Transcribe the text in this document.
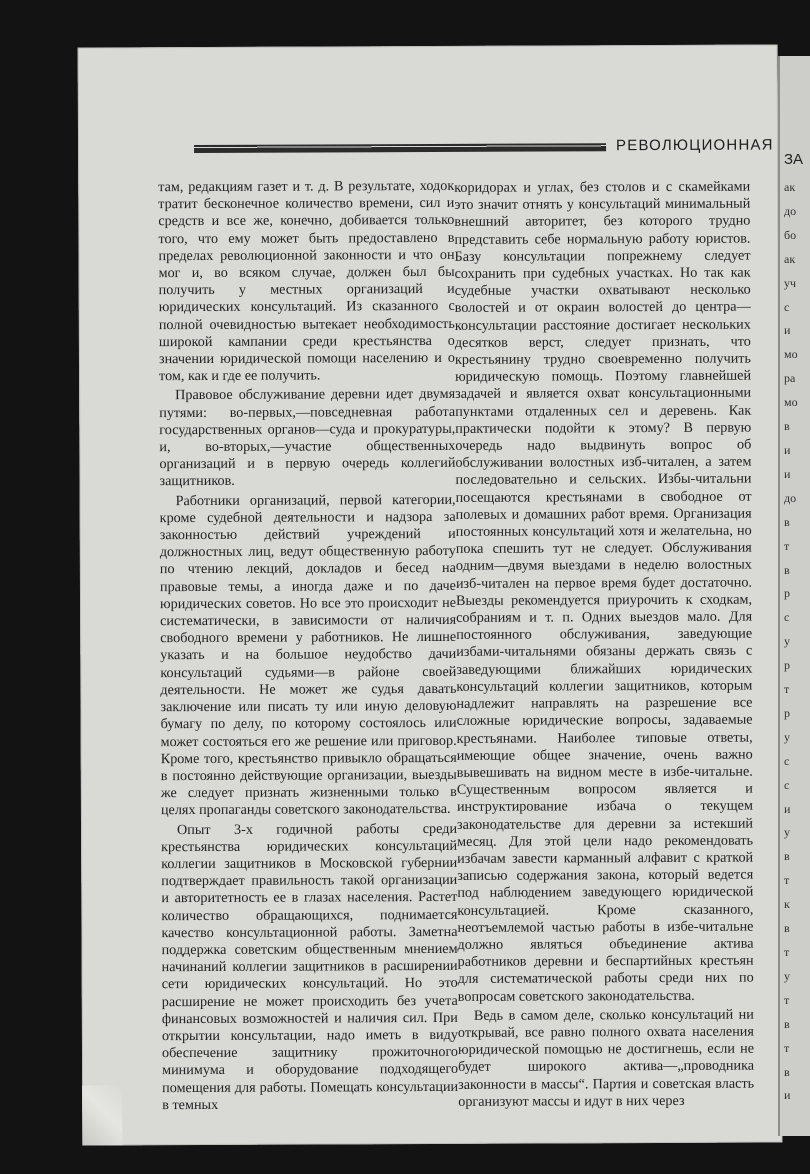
РЕВОЛЮЦИОННАЯ

там, редакциям газет и т. д. В результате, ходок тратит бесконечное количество времени, сил и средств и все же, конечно, добивается только того, что ему может быть предоставлено в пределах революционной законности и что он мог и, во всяком случае, должен был бы получить у местных организаций и юридических консультаций. Из сказанного с полной очевидностью вытекает необходимость широкой кампании среди крестьянства о значении юридической помощи населению и о том, как и где ее получить.

Правовое обслуживание деревни идет двумя путями: во-первых,—повседневная работа государственных органов—суда и прокуратуры, и, во-вторых,—участие общественных организаций и в первую очередь коллегий защитников.

Работники организаций, первой категории, кроме судебной деятельности и надзора за законностью действий учреждений и должностных лиц, ведут общественную работу по чтению лекций, докладов и бесед на правовые темы, а иногда даже и по даче юридических советов. Но все это происходит не систематически, в зависимости от наличия свободного времени у работников. Не лишне указать и на большое неудобство дачи консультаций судьями—в районе своей деятельности. Не может же судья давать заключение или писать ту или иную деловую бумагу по делу, по которому состоялось или может состояться его же решение или приговор. Кроме того, крестьянство привыкло обращаться в постоянно действующие организации, выезды же следует признать жизненными только в целях пропаганды советского законодательства.

Опыт 3-х годичной работы среди крестьянства юридических консультаций коллегии защитников в Московской губернии подтверждает правильность такой организации и авторитетность ее в глазах населения. Растет количество обращающихся, поднимается качество консультационной работы. Заметна поддержка советским общественным мнением начинаний коллегии защитников в расширении сети юридических консультаций. Но это расширение не может происходить без учета финансовых возможностей и наличия сил. При открытии консультации, надо иметь в виду обеспечение защитнику прожиточного минимума и оборудование подходящего помещения для работы. Помещать консультации в темных

коридорах и углах, без столов и с скамейками это значит отнять у консультаций минимальный внешний авторитет, без которого трудно представить себе нормальную работу юристов. Базу консультации попрежнему следует сохранить при судебных участках. Но так как судебные участки охватывают несколько волостей и от окраин волостей до центра—консультации расстояние достигает нескольких десятков верст, следует признать, что крестьянину трудно своевременно получить юридическую помощь. Поэтому главнейшей задачей и является охват консультационными пунктами отдаленных сел и деревень. Как практически подойти к этому? В первую очередь надо выдвинуть вопрос об обслуживании волостных изб-читален, а затем последовательно и сельских. Избы-читальни посещаются крестьянами в свободное от полевых и домашних работ время. Организация постоянных консультаций хотя и желательна, но пока спешить тут не следует. Обслуживания одним—двумя выездами в неделю волостных изб-читален на первое время будет достаточно. Выезды рекомендуется приурочить к сходкам, собраниям и т. п. Одних выездов мало. Для постоянного обслуживания, заведующие избами-читальнями обязаны держать связь с заведующими ближайших юридических консультаций коллегии защитников, которым надлежит направлять на разрешение все сложные юридические вопросы, задаваемые крестьянами. Наиболее типовые ответы, имеющие общее значение, очень важно вывешивать на видном месте в избе-читальне. Существенным вопросом является и инструктирование избача о текущем законодательстве для деревни за истекший месяц. Для этой цели надо рекомендовать избачам завести карманный алфавит с краткой записью содержания закона, который ведется под наблюдением заведующего юридической консультацией. Кроме сказанного, неотъемлемой частью работы в избе-читальне должно являться объединение актива работников деревни и беспартийных крестьян для систематической работы среди них по вопросам советского законодательства.

Ведь в самом деле, сколько консультаций ни открывай, все равно полного охвата населения юридической помощью не достигнешь, если не будет широкого актива—„проводника законности в массы“. Партия и советская власть организуют массы и идут в них через

ЗА
ак
до
бо
ак
уч
с
и
мо
ра
мо
в
и
и
до
в
т
в
р
с
у
р
т
р
у
с
с
и
у
в
т
к
в
т
у
т
в
т
в
и
